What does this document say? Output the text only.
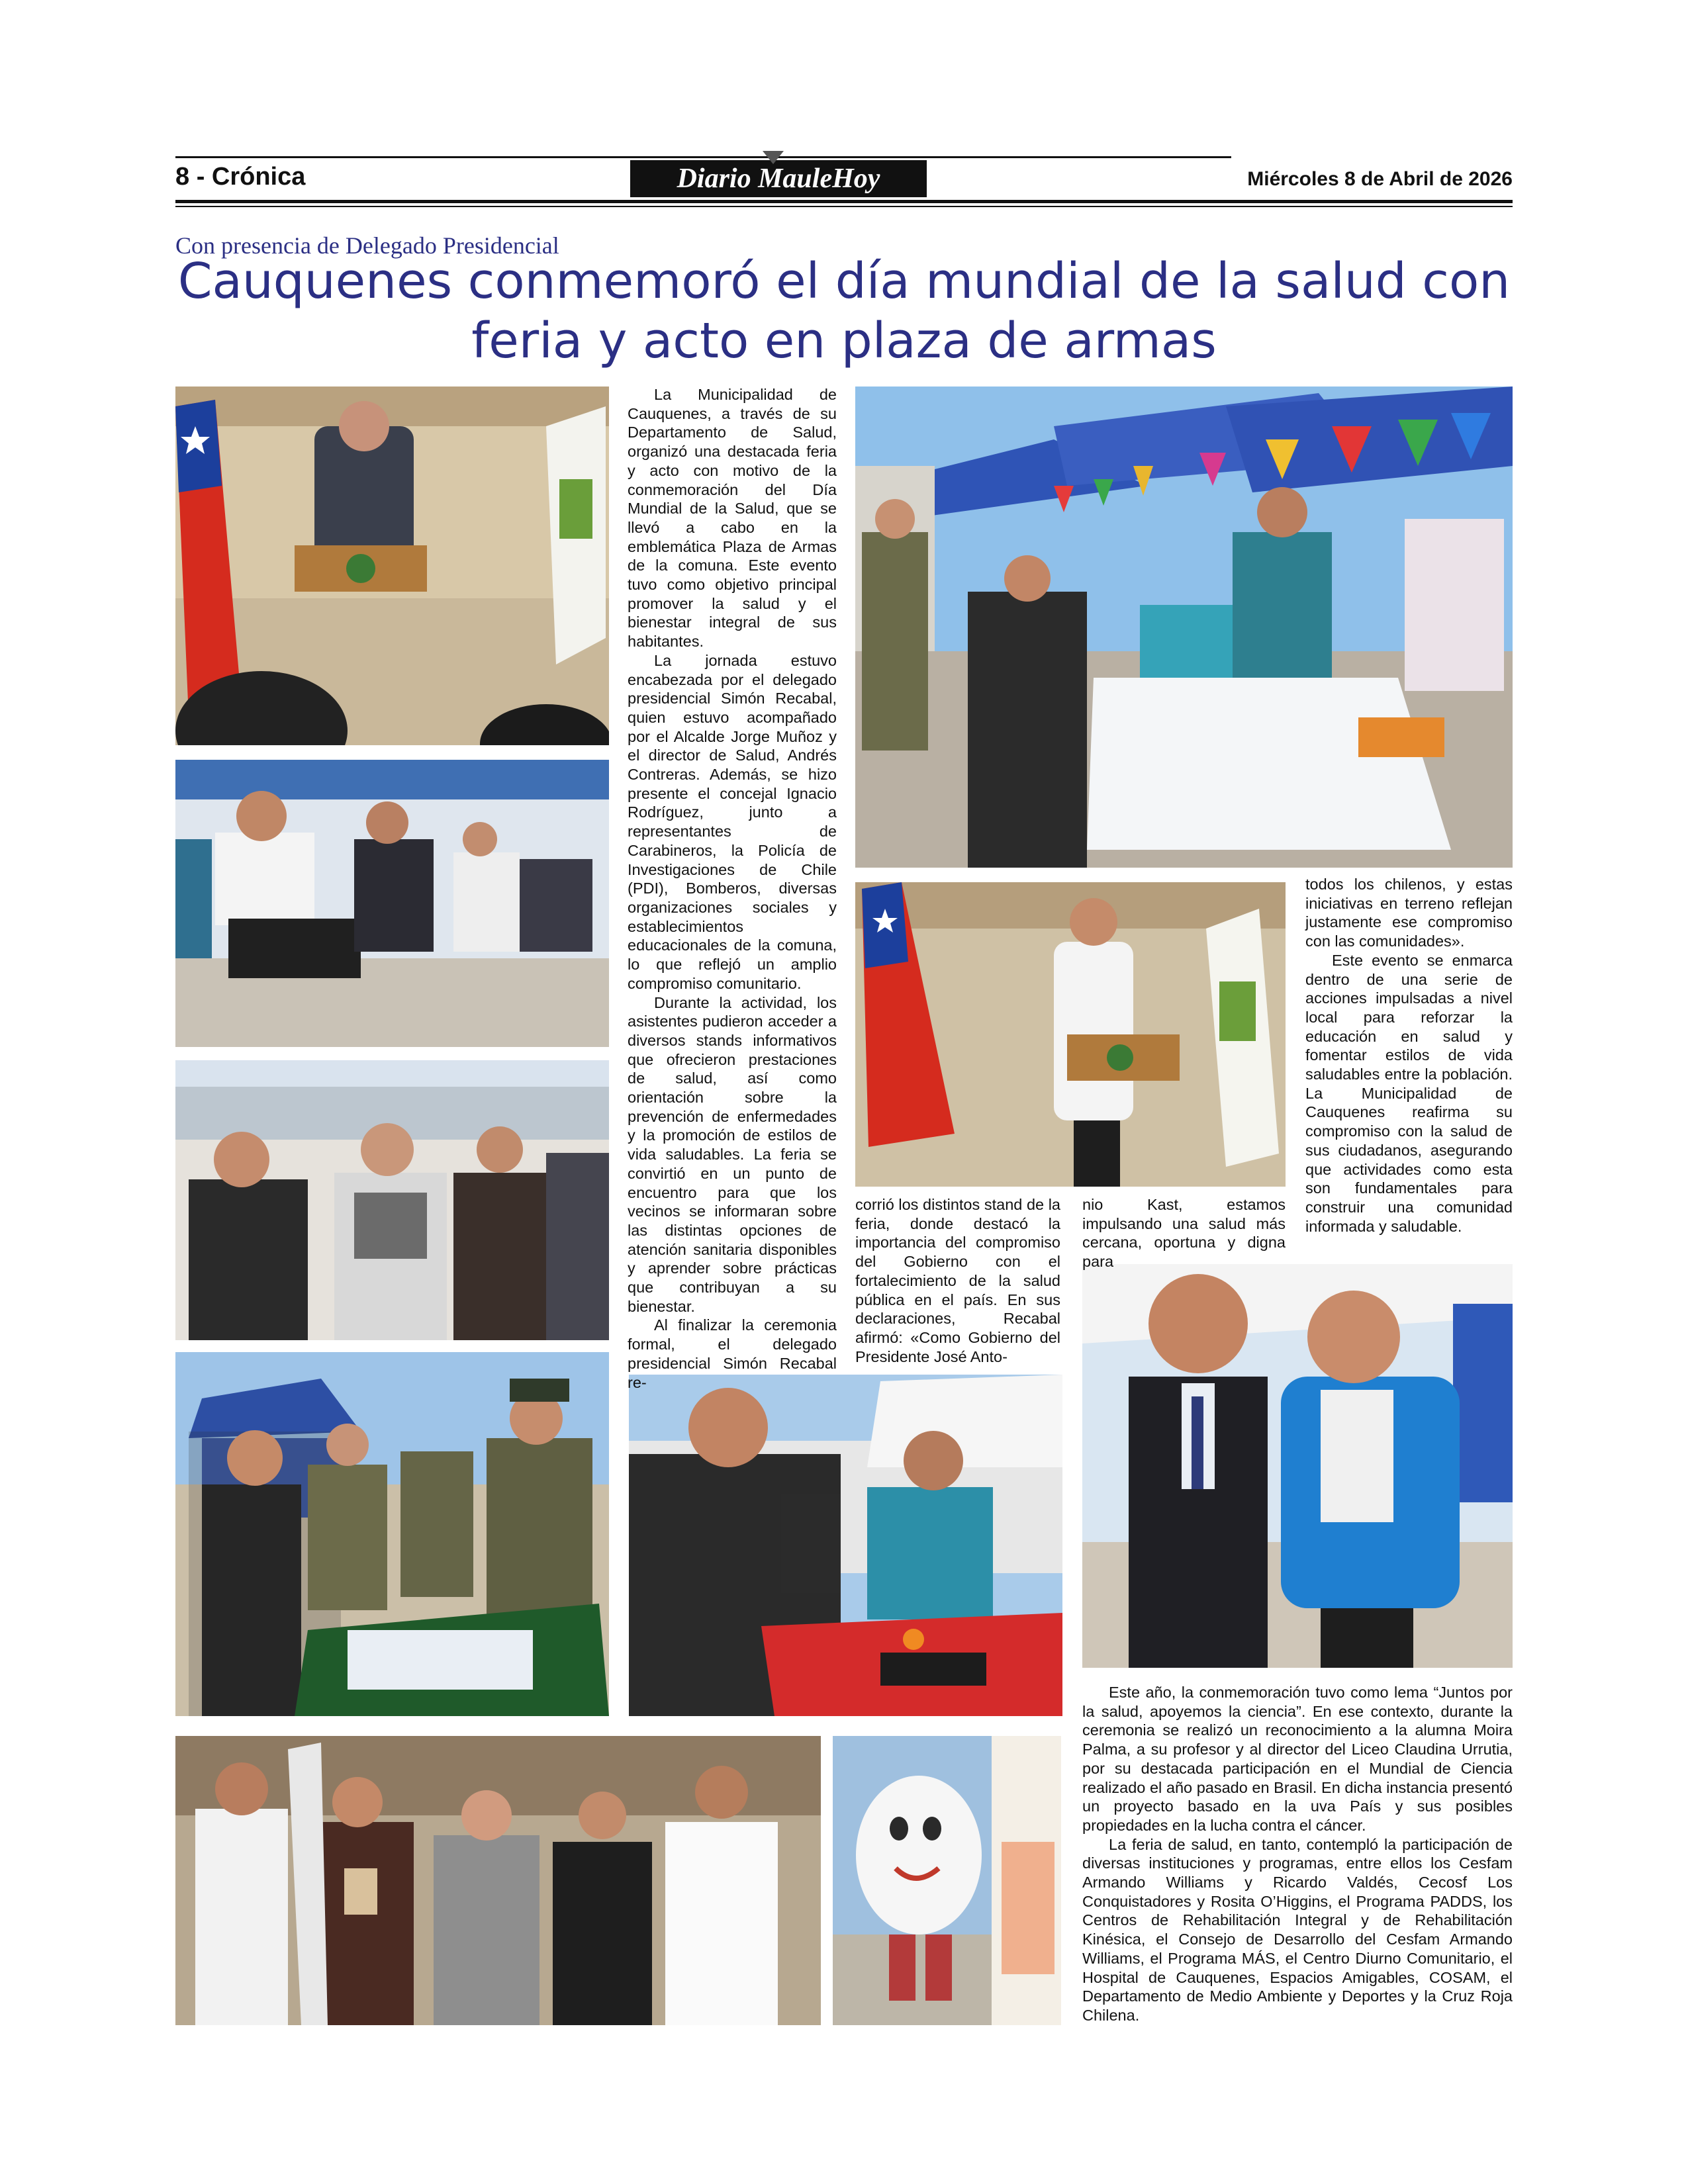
8 - Crónica	Diario MauleHoy	Miércoles 8 de Abril de 2026
Con presencia de Delegado Presidencial
Cauquenes conmemoró el día mundial de la salud con feria y acto en plaza de armas

La Municipalidad de Cauquenes, a través de su Departamento de Salud, organizó una destacada feria y acto con motivo de la conmemoración del Día Mundial de la Salud, que se llevó a cabo en la emblemática Plaza de Armas de la comuna. Este evento tuvo como objetivo principal promover la salud y el bienestar integral de sus habitantes.

La jornada estuvo encabezada por el delegado presidencial Simón Recabal, quien estuvo acompañado por el Alcalde Jorge Muñoz y el director de Salud, Andrés Contreras. Además, se hizo presente el concejal Ignacio Rodríguez, junto a representantes de Carabineros, la Policía de Investigaciones de Chile (PDI), Bomberos, diversas organizaciones sociales y establecimientos educacionales de la comuna, lo que reflejó un amplio compromiso comunitario.

Durante la actividad, los asistentes pudieron acceder a diversos stands informativos que ofrecieron prestaciones de salud, así como orientación sobre la prevención de enfermedades y la promoción de estilos de vida saludables. La feria se convirtió en un punto de encuentro para que los vecinos se informaran sobre las distintas opciones de atención sanitaria disponibles y aprender sobre prácticas que contribuyan a su bienestar.

Al finalizar la ceremonia formal, el delegado presidencial Simón Recabal re-

corrió los distintos stand de la feria, donde destacó la importancia del compromiso del Gobierno con el fortalecimiento de la salud pública en el país. En sus declaraciones, Recabal afirmó: «Como Gobierno del Presidente José Anto-

nio Kast, estamos impulsando una salud más cercana, oportuna y digna para

todos los chilenos, y estas iniciativas en terreno reflejan justamente ese compromiso con las comunidades».

Este evento se enmarca dentro de una serie de acciones impulsadas a nivel local para reforzar la educación en salud y fomentar estilos de vida saludables entre la población. La Municipalidad de Cauquenes reafirma su compromiso con la salud de sus ciudadanos, asegurando que actividades como esta son fundamentales para construir una comunidad informada y saludable.

Este año, la conmemoración tuvo como lema “Juntos por la salud, apoyemos la ciencia”. En ese contexto, durante la ceremonia se realizó un reconocimiento a la alumna Moira Palma, a su profesor y al director del Liceo Claudina Urrutia, por su destacada participación en el Mundial de Ciencia realizado el año pasado en Brasil. En dicha instancia presentó un proyecto basado en la uva País y sus posibles propiedades en la lucha contra el cáncer.

La feria de salud, en tanto, contempló la participación de diversas instituciones y programas, entre ellos los Cesfam Armando Williams y Ricardo Valdés, Cecosf Los Conquistadores y Rosita O’Higgins, el Programa PADDS, los Centros de Rehabilitación Integral y de Rehabilitación Kinésica, el Consejo de Desarrollo del Cesfam Armando Williams, el Programa MÁS, el Centro Diurno Comunitario, el Hospital de Cauquenes, Espacios Amigables, COSAM, el Departamento de Medio Ambiente y Deportes y la Cruz Roja Chilena.
